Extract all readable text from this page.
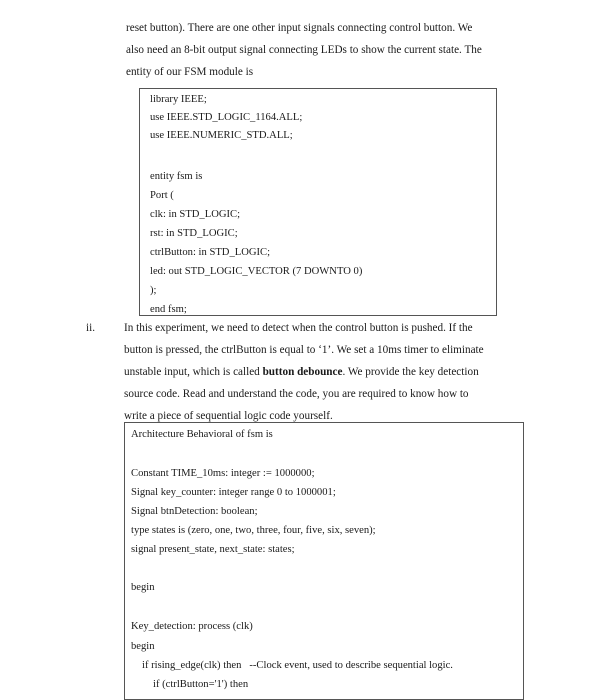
reset button). There are one other input signals connecting control button. We
also need an 8-bit output signal connecting LEDs to show the current state. The
entity of our FSM module is
library IEEE;
use IEEE.STD_LOGIC_1164.ALL;
use IEEE.NUMERIC_STD.ALL;
entity fsm is
Port (
clk: in STD_LOGIC;
rst: in STD_LOGIC;
ctrlButton: in STD_LOGIC;
led: out STD_LOGIC_VECTOR (7 DOWNTO 0)
);
end fsm;
ii.	In this experiment, we need to detect when the control button is pushed. If the
button is pressed, the ctrlButton is equal to ‘1’. We set a 10ms timer to eliminate
unstable input, which is called button debounce. We provide the key detection
source code. Read and understand the code, you are required to know how to
write a piece of sequential logic code yourself.
Architecture Behavioral of fsm is
Constant TIME_10ms: integer := 1000000;
Signal key_counter: integer range 0 to 1000001;
Signal btnDetection: boolean;
type states is (zero, one, two, three, four, five, six, seven);
signal present_state, next_state: states;
begin
Key_detection: process (clk)
begin
if rising_edge(clk) then   --Clock event, used to describe sequential logic.
if (ctrlButton='1') then
